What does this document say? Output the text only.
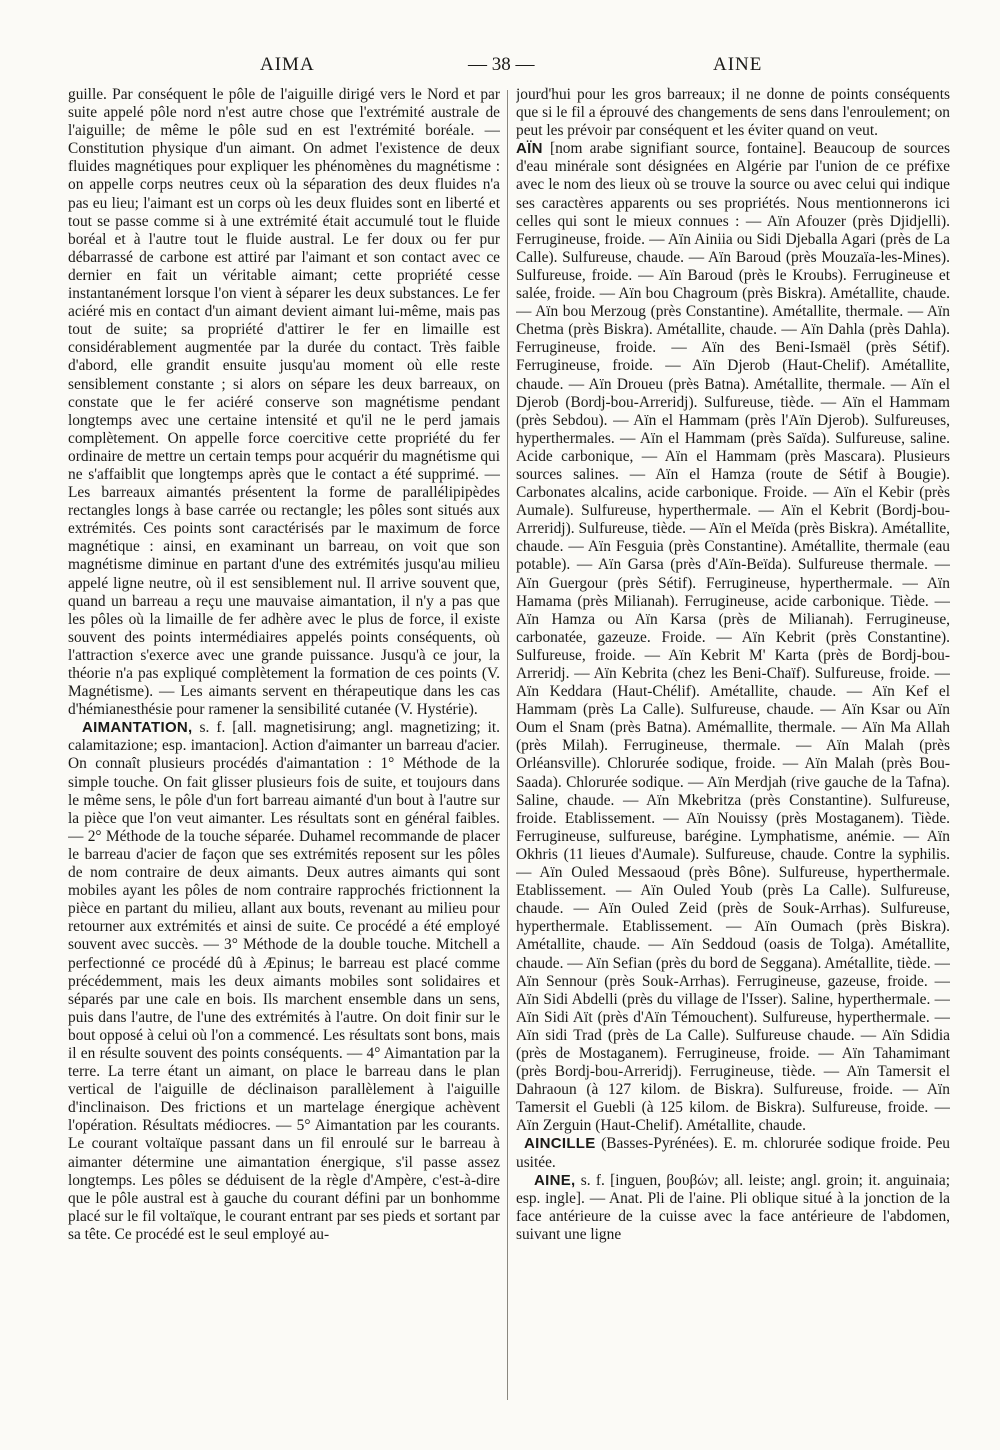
AIMA	— 38 —	AINE

guille. Par conséquent le pôle de l'aiguille dirigé vers le Nord et par suite appelé pôle nord n'est autre chose que l'extrémité australe de l'aiguille; de même le pôle sud en est l'extrémité boréale. — Constitution physique d'un aimant. On admet l'existence de deux fluides magnétiques pour expliquer les phénomènes du magnétisme : on appelle corps neutres ceux où la séparation des deux fluides n'a pas eu lieu; l'aimant est un corps où les deux fluides sont en liberté et tout se passe comme si à une extrémité était accumulé tout le fluide boréal et à l'autre tout le fluide austral. Le fer doux ou fer pur débarrassé de carbone est attiré par l'aimant et son contact avec ce dernier en fait un véritable aimant; cette propriété cesse instantanément lorsque l'on vient à séparer les deux substances. Le fer aciéré mis en contact d'un aimant devient aimant lui-même, mais pas tout de suite; sa propriété d'attirer le fer en limaille est considérablement augmentée par la durée du contact. Très faible d'abord, elle grandit ensuite jusqu'au moment où elle reste sensiblement constante ; si alors on sépare les deux barreaux, on constate que le fer aciéré conserve son magnétisme pendant longtemps avec une certaine intensité et qu'il ne le perd jamais complètement. On appelle force coercitive cette propriété du fer ordinaire de mettre un certain temps pour acquérir du magnétisme qui ne s'affaiblit que longtemps après que le contact a été supprimé. — Les barreaux aimantés présentent la forme de parallélipipèdes rectangles longs à base carrée ou rectangle; les pôles sont situés aux extrémités. Ces points sont caractérisés par le maximum de force magnétique : ainsi, en examinant un barreau, on voit que son magnétisme diminue en partant d'une des extrémités jusqu'au milieu appelé ligne neutre, où il est sensiblement nul. Il arrive souvent que, quand un barreau a reçu une mauvaise aimantation, il n'y a pas que les pôles où la limaille de fer adhère avec le plus de force, il existe souvent des points intermédiaires appelés points conséquents, où l'attraction s'exerce avec une grande puissance. Jusqu'à ce jour, la théorie n'a pas expliqué complètement la formation de ces points (V. Magnétisme). — Les aimants servent en thérapeutique dans les cas d'hémianesthésie pour ramener la sensibilité cutanée (V. Hystérie).

AIMANTATION, s. f. [all. magnetisirung; angl. magnetizing; it. calamitazione; esp. imantacion]. Action d'aimanter un barreau d'acier. On connaît plusieurs procédés d'aimantation : 1° Méthode de la simple touche. On fait glisser plusieurs fois de suite, et toujours dans le même sens, le pôle d'un fort barreau aimanté d'un bout à l'autre sur la pièce que l'on veut aimanter. Les résultats sont en général faibles. — 2° Méthode de la touche séparée. Duhamel recommande de placer le barreau d'acier de façon que ses extrémités reposent sur les pôles de nom contraire de deux aimants. Deux autres aimants qui sont mobiles ayant les pôles de nom contraire rapprochés frictionnent la pièce en partant du milieu, allant aux bouts, revenant au milieu pour retourner aux extrémités et ainsi de suite. Ce procédé a été employé souvent avec succès. — 3° Méthode de la double touche. Mitchell a perfectionné ce procédé dû à Æpinus; le barreau est placé comme précédemment, mais les deux aimants mobiles sont solidaires et séparés par une cale en bois. Ils marchent ensemble dans un sens, puis dans l'autre, de l'une des extrémités à l'autre. On doit finir sur le bout opposé à celui où l'on a commencé. Les résultats sont bons, mais il en résulte souvent des points conséquents. — 4° Aimantation par la terre. La terre étant un aimant, on place le barreau dans le plan vertical de l'aiguille de déclinaison parallèlement à l'aiguille d'inclinaison. Des frictions et un martelage énergique achèvent l'opération. Résultats médiocres. — 5° Aimantation par les courants. Le courant voltaïque passant dans un fil enroulé sur le barreau à aimanter détermine une aimantation énergique, s'il passe assez longtemps. Les pôles se déduisent de la règle d'Ampère, c'est-à-dire que le pôle austral est à gauche du courant défini par un bonhomme placé sur le fil voltaïque, le courant entrant par ses pieds et sortant par sa tête. Ce procédé est le seul employé au-

jourd'hui pour les gros barreaux; il ne donne de points conséquents que si le fil a éprouvé des changements de sens dans l'enroulement; on peut les prévoir par conséquent et les éviter quand on veut.

AÏN [nom arabe signifiant source, fontaine]. Beaucoup de sources d'eau minérale sont désignées en Algérie par l'union de ce préfixe avec le nom des lieux où se trouve la source ou avec celui qui indique ses caractères apparents ou ses propriétés. Nous mentionnerons ici celles qui sont le mieux connues : — Aïn Afouzer (près Djidjelli). Ferrugineuse, froide. — Aïn Ainiia ou Sidi Djeballa Agari (près de La Calle). Sulfureuse, chaude. — Aïn Baroud (près Mouzaïa-les-Mines). Sulfureuse, froide. — Aïn Baroud (près le Kroubs). Ferrugineuse et salée, froide. — Aïn bou Chagroum (près Biskra). Amétallite, chaude. — Aïn bou Merzoug (près Constantine). Amétallite, thermale. — Aïn Chetma (près Biskra). Amétallite, chaude. — Aïn Dahla (près Dahla). Ferrugineuse, froide. — Aïn des Beni-Ismaël (près Sétif). Ferrugineuse, froide. — Aïn Djerob (Haut-Chelif). Amétallite, chaude. — Aïn Droueu (près Batna). Amétallite, thermale. — Aïn el Djerob (Bordj-bou-Arreridj). Sulfureuse, tiède. — Aïn el Hammam (près Sebdou). — Aïn el Hammam (près l'Aïn Djerob). Sulfureuses, hyperthermales. — Aïn el Hammam (près Saïda). Sulfureuse, saline. Acide carbonique, — Aïn el Hammam (près Mascara). Plusieurs sources salines. — Aïn el Hamza (route de Sétif à Bougie). Carbonates alcalins, acide carbonique. Froide. — Aïn el Kebir (près Aumale). Sulfureuse, hyperthermale. — Aïn el Kebrit (Bordj-bou-Arreridj). Sulfureuse, tiède. — Aïn el Meïda (près Biskra). Amétallite, chaude. — Aïn Fesguia (près Constantine). Amétallite, thermale (eau potable). — Aïn Garsa (près d'Aïn-Beïda). Sulfureuse thermale. — Aïn Guergour (près Sétif). Ferrugineuse, hyperthermale. — Aïn Hamama (près Milianah). Ferrugineuse, acide carbonique. Tiède. — Aïn Hamza ou Aïn Karsa (près de Milianah). Ferrugineuse, carbonatée, gazeuze. Froide. — Aïn Kebrit (près Constantine). Sulfureuse, froide. — Aïn Kebrit M' Karta (près de Bordj-bou-Arreridj. — Aïn Kebrita (chez les Beni-Chaïf). Sulfureuse, froide. — Aïn Keddara (Haut-Chélif). Amétallite, chaude. — Aïn Kef el Hammam (près La Calle). Sulfureuse, chaude. — Aïn Ksar ou Aïn Oum el Snam (près Batna). Amémallite, thermale. — Aïn Ma Allah (près Milah). Ferrugineuse, thermale. — Aïn Malah (près Orléansville). Chlorurée sodique, froide. — Aïn Malah (près Bou-Saada). Chlorurée sodique. — Aïn Merdjah (rive gauche de la Tafna). Saline, chaude. — Aïn Mkebritza (près Constantine). Sulfureuse, froide. Etablissement. — Aïn Nouissy (près Mostaganem). Tiède. Ferrugineuse, sulfureuse, barégine. Lymphatisme, anémie. — Aïn Okhris (11 lieues d'Aumale). Sulfureuse, chaude. Contre la syphilis. — Aïn Ouled Messaoud (près Bône). Sulfureuse, hyperthermale. Etablissement. — Aïn Ouled Youb (près La Calle). Sulfureuse, chaude. — Aïn Ouled Zeid (près de Souk-Arrhas). Sulfureuse, hyperthermale. Etablissement. — Aïn Oumach (près Biskra). Amétallite, chaude. — Aïn Seddoud (oasis de Tolga). Amétallite, chaude. — Aïn Sefian (près du bord de Seggana). Amétallite, tiède. — Aïn Sennour (près Souk-Arrhas). Ferrugineuse, gazeuse, froide. — Aïn Sidi Abdelli (près du village de l'Isser). Saline, hyperthermale. — Aïn Sidi Aït (près d'Aïn Témouchent). Sulfureuse, hyperthermale. — Aïn sidi Trad (près de La Calle). Sulfureuse chaude. — Aïn Sdidia (près de Mostaganem). Ferrugineuse, froide. — Aïn Tahamimant (près Bordj-bou-Arreridj). Ferrugineuse, tiède. — Aïn Tamersit el Dahraoun (à 127 kilom. de Biskra). Sulfureuse, froide. — Aïn Tamersit el Guebli (à 125 kilom. de Biskra). Sulfureuse, froide. — Aïn Zerguin (Haut-Chelif). Amétallite, chaude.

AINCILLE (Basses-Pyrénées). E. m. chlorurée sodique froide. Peu usitée.

AINE, s. f. [inguen, βουβών; all. leiste; angl. groin; it. anguinaia; esp. ingle]. — Anat. Pli de l'aine. Pli oblique situé à la jonction de la face antérieure de la cuisse avec la face antérieure de l'abdomen, suivant une ligne
